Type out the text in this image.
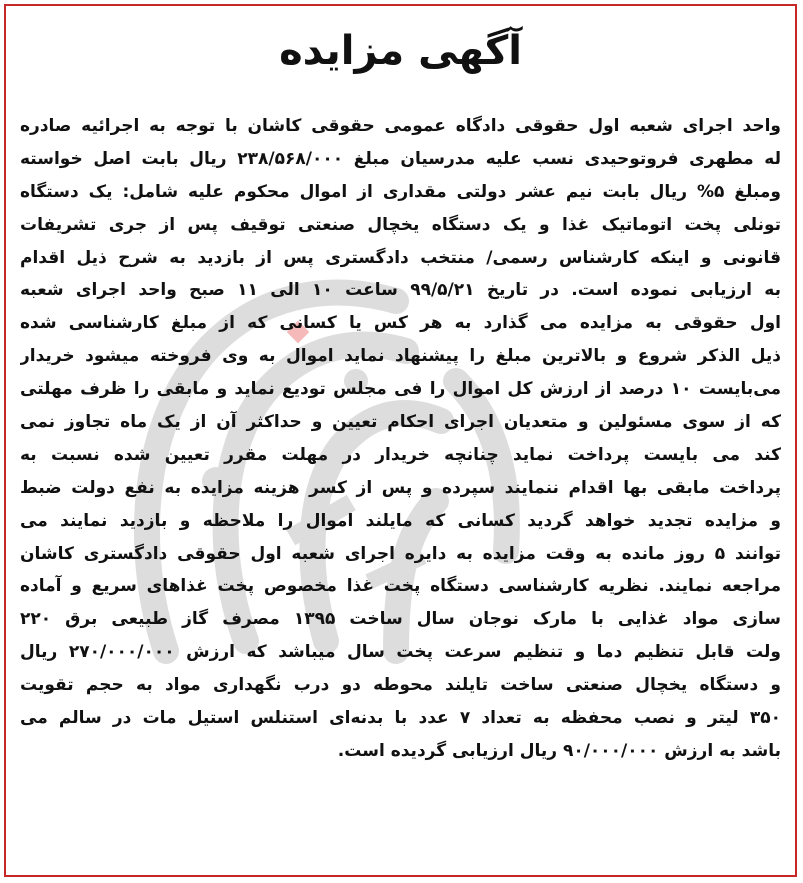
آگهی مزایده
واحد اجرای شعبه اول حقوقی دادگاه عمومی حقوقی کاشان با توجه به اجرائیه صادره
له مطهری فروتوحیدی نسب علیه مدرسیان مبلغ ۲۳۸/۵۶۸/۰۰۰ ریال بابت اصل خواسته
ومبلغ ۵% ریال بابت نیم عشر دولتی مقداری از اموال محکوم علیه شامل: یک دستگاه
تونلی پخت اتوماتیک غذا و یک دستگاه یخچال صنعتی توقیف پس از جری تشریفات
قانونی و اینکه کارشناس رسمی/ منتخب دادگستری پس از بازدید به شرح ذیل اقدام
به ارزیابی نموده است. در تاریخ ۹۹/۵/۲۱ ساعت ۱۰ الی ۱۱ صبح واحد اجرای شعبه
اول حقوقی به مزایده می گذارد به هر کس یا کسانی که از مبلغ کارشناسی شده
ذیل الذکر شروع و بالاترین مبلغ را پیشنهاد نماید اموال به وی فروخته میشود خریدار
می‌بایست ۱۰ درصد از ارزش کل اموال را فی مجلس توديع نمايد و مابقی را ظرف مهلتی
که از سوی مسئولین و متعدیان اجرای احکام تعیین و حداکثر آن از یک ماه تجاوز نمی
کند می بایست پرداخت نماید چنانچه خریدار در مهلت مقرر تعیین شده نسبت به
پرداخت مابقی بها اقدام ننمایند سپرده و پس از کسر هزینه مزایده به نفع دولت ضبط
و مزایده تجدید خواهد گردید کسانی که مایلند اموال را ملاحظه و بازدید نمایند می
توانند ۵ روز مانده به وقت مزایده به دایره اجرای شعبه اول حقوقی دادگستری کاشان
مراجعه نمایند. نظریه کارشناسی دستگاه پخت غذا مخصوص پخت غذاهای سریع و آماده
سازی مواد غذایی با مارک نوجان سال ساخت ۱۳۹۵ مصرف گاز طبیعی برق ۲۲۰
ولت قابل تنظیم دما و تنظیم سرعت پخت سال میباشد که ارزش ۲۷۰/۰۰۰/۰۰۰ ریال
و دستگاه یخچال صنعتی ساخت تایلند محوطه دو درب نگهداری مواد به حجم تقویت
۳۵۰ لیتر و نصب محفظه به تعداد ۷ عدد با بدنه‌ای استنلس استیل مات در سالم می
باشد به ارزش ۹۰/۰۰۰/۰۰۰ ریال ارزیابی گردیده است.
